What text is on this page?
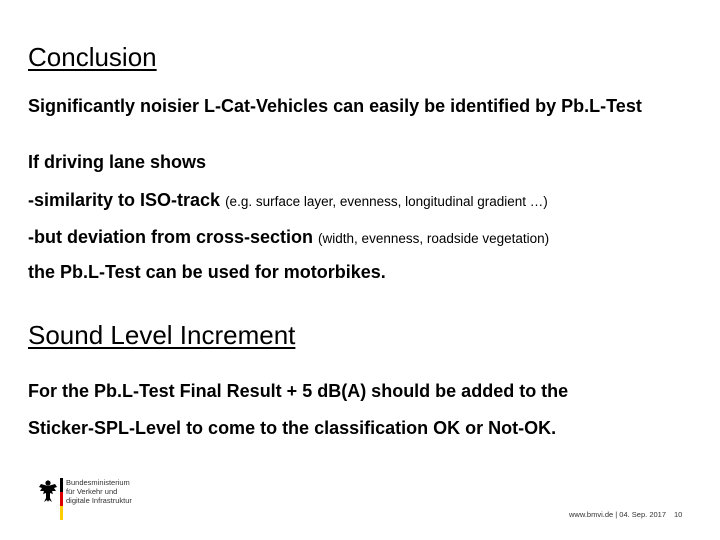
Conclusion

Significantly noisier L-Cat-Vehicles can easily be identified by Pb.L-Test

If driving lane shows

-similarity to ISO-track (e.g. surface layer, evenness, longitudinal gradient …)

-but deviation from cross-section (width, evenness, roadside vegetation)

the Pb.L-Test can be used for motorbikes.

Sound Level Increment

For the Pb.L-Test Final Result + 5 dB(A) should be added to the

Sticker-SPL-Level to come to the classification OK or Not-OK.

Bundesministerium
für Verkehr und
digitale Infrastruktur
www.bmvi.de | 04. Sep. 2017 10
